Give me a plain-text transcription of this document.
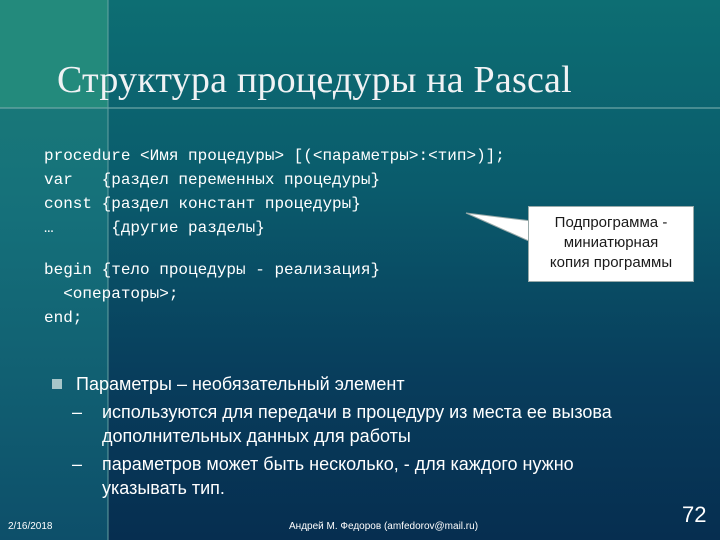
Структура процедуры на Pascal
procedure <Имя процедуры> [(<параметры>:<тип>)];
var   {раздел переменных процедуры}
const {раздел констант процедуры}
…      {другие разделы}
begin {тело процедуры - реализация}
<операторы>;
end;
Подпрограмма -
миниатюрная
копия программы
Параметры – необязательный элемент
– используются для передачи в процедуру из места ее вызова
дополнительных данных для работы
– параметров может быть несколько, - для каждого нужно
указывать тип.
2/16/2018	Андрей М. Федоров (amfedorov@mail.ru)	72
